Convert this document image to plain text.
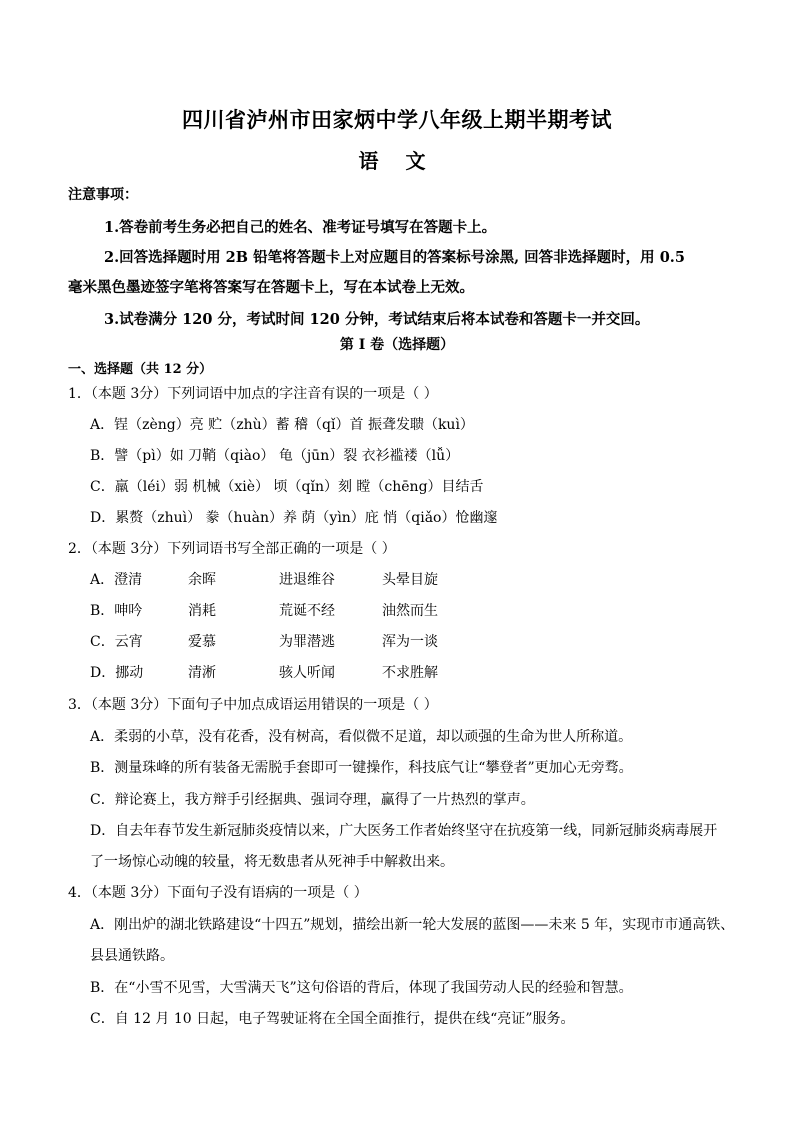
四川省泸州市田家炳中学八年级上期半期考试
语 文
注意事项：
1.答卷前考生务必把自己的姓名、准考证号填写在答题卡上。
2.回答选择题时用 2B 铅笔将答题卡上对应题目的答案标号涂黑, 回答非选择题时，用 0.5
毫米黑色墨迹签字笔将答案写在答题卡上，写在本试卷上无效。
3.试卷满分 120 分，考试时间 120 分钟，考试结束后将本试卷和答题卡一并交回。
第 I 卷（选择题）
一、选择题（共 12 分）
1．（本题 3分）下列词语中加点的字注音有误的一项是（ ）
A．锃（zèng）亮 贮（zhù）蓄 稽（qǐ）首 振聋发聩（kuì）
B．譬（pì）如 刀鞘（qiào） 龟（jūn）裂 衣衫褴褛（lǚ）
C．羸（léi）弱 机械（xiè） 顷（qǐn）刻 瞠（chēng）目结舌
D．累赘（zhuì） 豢（huàn）养 荫（yìn）庇 悄（qiǎo）怆幽邃
2．（本题 3分）下列词语书写全部正确的一项是（ ）
A．澄清	余晖	进退维谷	头晕目旋
B．呻吟	消耗	荒诞不经	油然而生
C．云宵	爱慕	为罪潜逃	浑为一谈
D．挪动	清淅	骇人听闻	不求胜解
3．（本题 3分）下面句子中加点成语运用错误的一项是（ ）
A．柔弱的小草，没有花香，没有树高，看似微不足道，却以顽强的生命为世人所称道。
B．测量珠峰的所有装备无需脱手套即可一键操作，科技底气让“攀登者”更加心无旁骛。
C．辩论赛上，我方辩手引经据典、强词夺理，赢得了一片热烈的掌声。
D．自去年春节发生新冠肺炎疫情以来，广大医务工作者始终坚守在抗疫第一线，同新冠肺炎病毒展开
了一场惊心动魄的较量，将无数患者从死神手中解救出来。
4．（本题 3分）下面句子没有语病的一项是（ ）
A．刚出炉的湖北铁路建设“十四五”规划，描绘出新一轮大发展的蓝图——未来 5 年，实现市市通高铁、
县县通铁路。
B．在“小雪不见雪，大雪满天飞”这句俗语的背后，体现了我国劳动人民的经验和智慧。
C．自 12 月 10 日起，电子驾驶证将在全国全面推行，提供在线“亮证”服务。
